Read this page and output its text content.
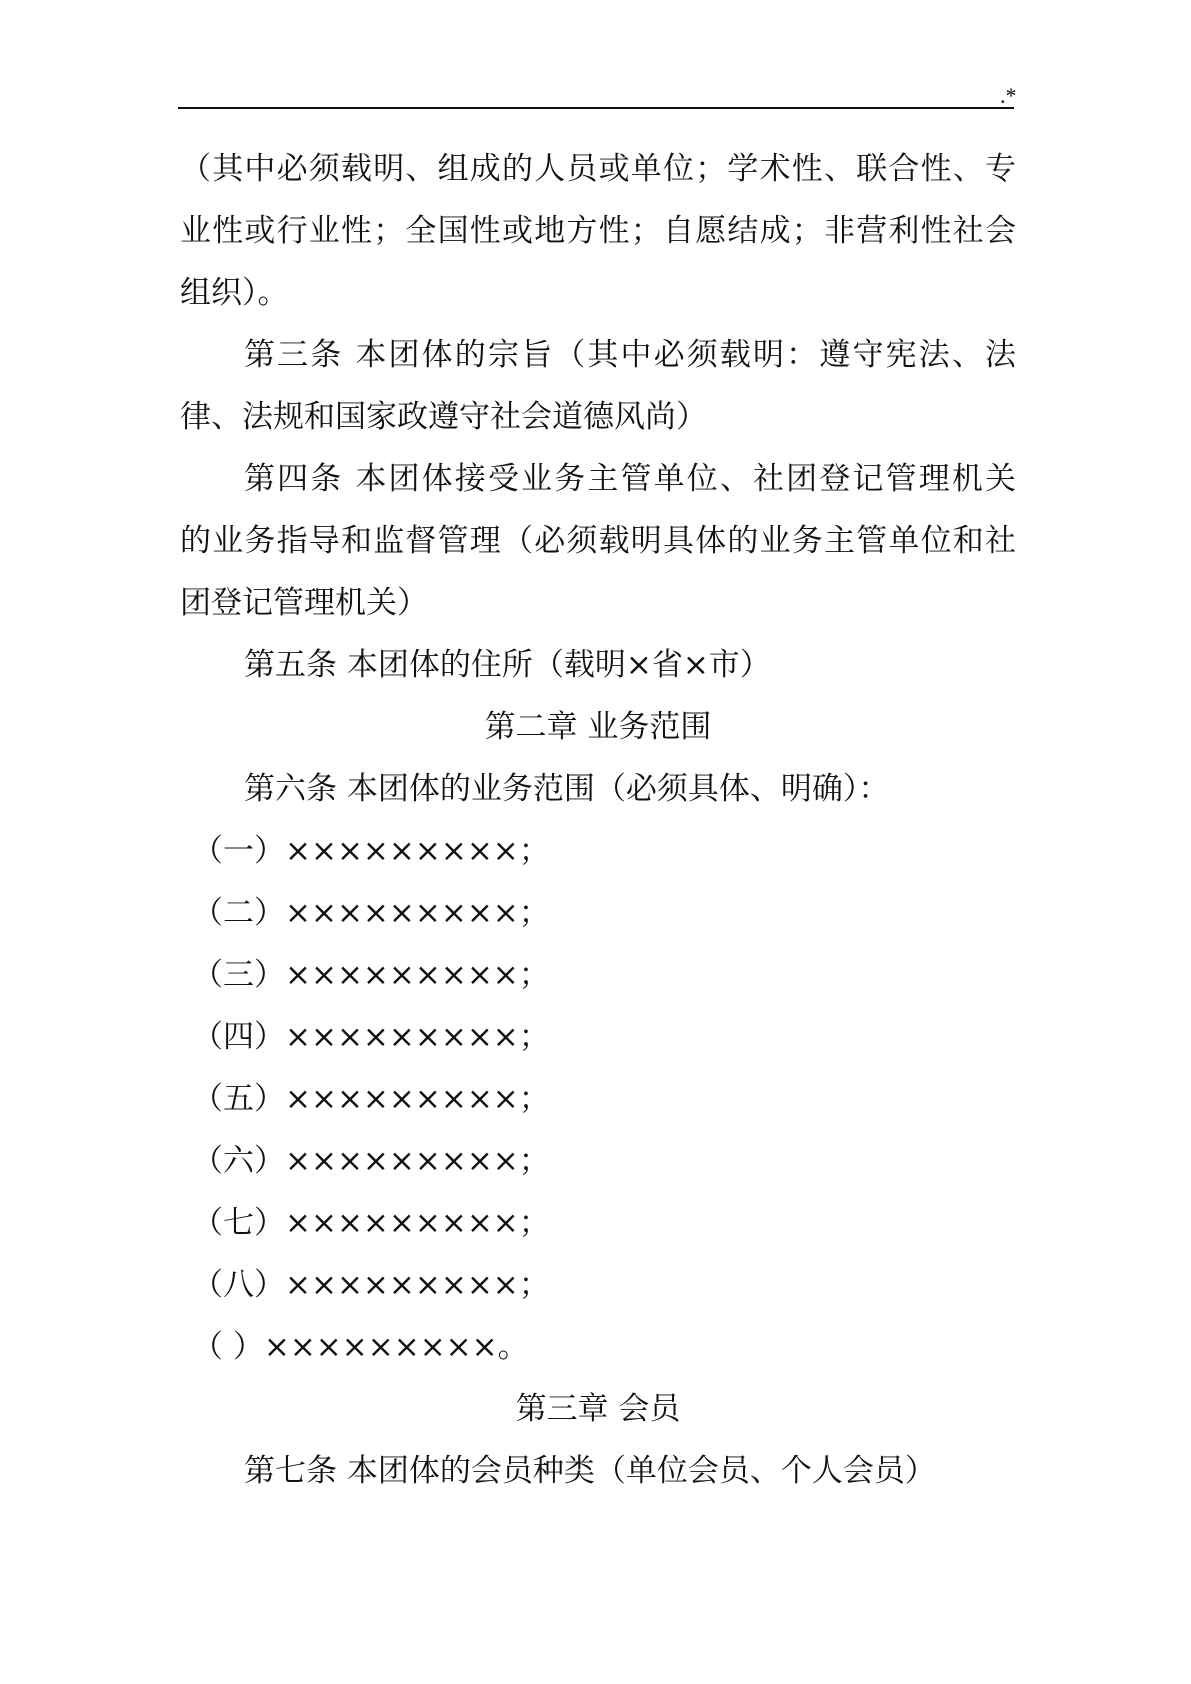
.*
（其中必须载明、组成的人员或单位；学术性、联合性、专
业性或行业性；全国性或地方性；自愿结成；非营利性社会
组织）。
第三条 本团体的宗旨（其中必须载明：遵守宪法、法
律、法规和国家政遵守社会道德风尚）
第四条 本团体接受业务主管单位、社团登记管理机关
的业务指导和监督管理（必须载明具体的业务主管单位和社
团登记管理机关）
第五条 本团体的住所（载明×省×市）
第二章 业务范围
第六条 本团体的业务范围（必须具体、明确）：
（一）×××××××××；
（二）×××××××××；
（三）×××××××××；
（四）×××××××××；
（五）×××××××××；
（六）×××××××××；
（七）×××××××××；
（八）×××××××××；
（ ）×××××××××。
第三章 会员
第七条 本团体的会员种类（单位会员、个人会员）
